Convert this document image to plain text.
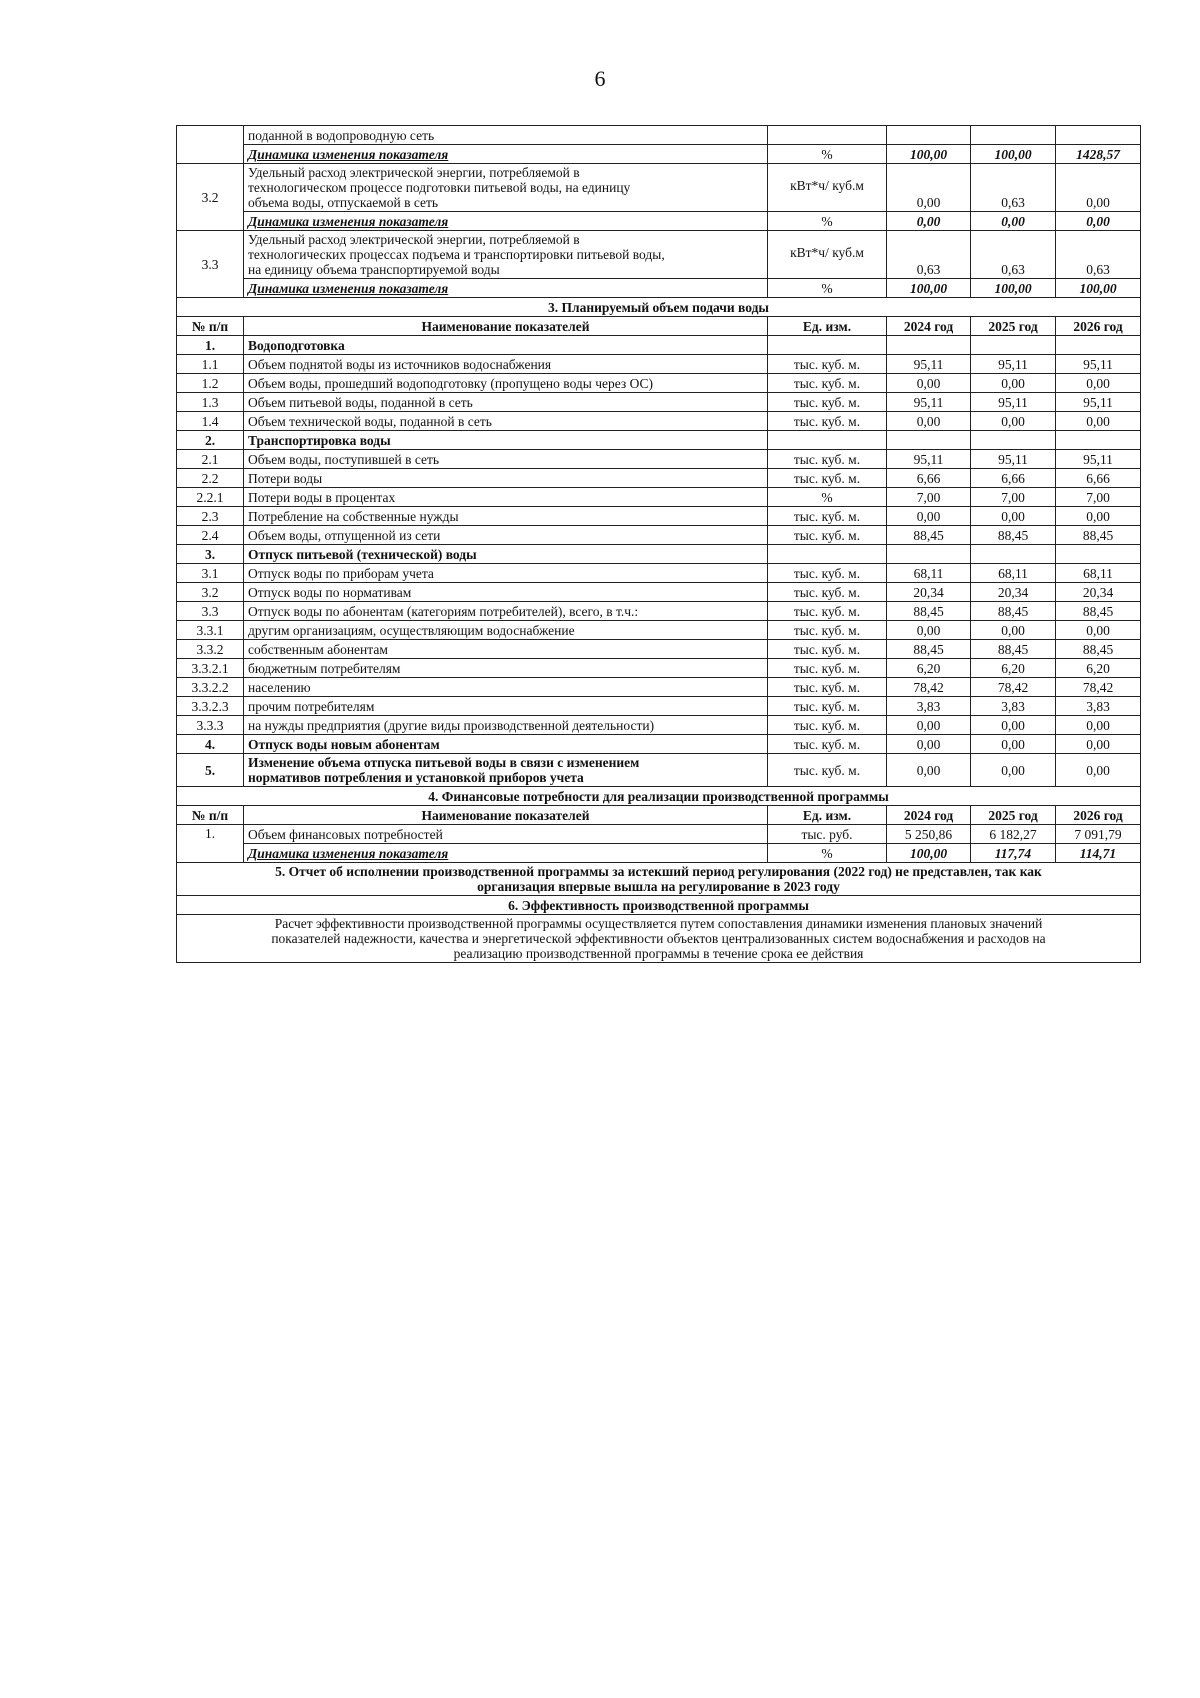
6
	поданной в водопроводную сеть				
	Динамика изменения показателя	%	100,00	100,00	1428,57
3.2	Удельный расход электрической энергии, потребляемой в
технологическом процессе подготовки питьевой воды, на единицу
объема воды, отпускаемой в сеть	кВт*ч/ куб.м	0,00	0,63	0,00
	Динамика изменения показателя	%	0,00	0,00	0,00
3.3	Удельный расход электрической энергии, потребляемой в
технологических процессах подъема и транспортировки питьевой воды,
на единицу объема транспортируемой воды	кВт*ч/ куб.м	0,63	0,63	0,63
	Динамика изменения показателя	%	100,00	100,00	100,00
3. Планируемый объем подачи воды					
№ п/п	Наименование показателей	Ед. изм.	2024 год	2025 год	2026 год
1.	Водоподготовка				
1.1	Объем поднятой воды из источников водоснабжения	тыс. куб. м.	95,11	95,11	95,11
1.2	Объем воды, прошедший водоподготовку (пропущено воды через ОС)	тыс. куб. м.	0,00	0,00	0,00
1.3	Объем питьевой воды, поданной в сеть	тыс. куб. м.	95,11	95,11	95,11
1.4	Объем технической воды, поданной в сеть	тыс. куб. м.	0,00	0,00	0,00
2.	Транспортировка воды				
2.1	Объем воды, поступившей в сеть	тыс. куб. м.	95,11	95,11	95,11
2.2	Потери воды	тыс. куб. м.	6,66	6,66	6,66
2.2.1	Потери воды в процентах	%	7,00	7,00	7,00
2.3	Потребление на собственные нужды	тыс. куб. м.	0,00	0,00	0,00
2.4	Объем воды, отпущенной из сети	тыс. куб. м.	88,45	88,45	88,45
3.	Отпуск питьевой (технической) воды				
3.1	Отпуск воды по приборам учета	тыс. куб. м.	68,11	68,11	68,11
3.2	Отпуск воды по нормативам	тыс. куб. м.	20,34	20,34	20,34
3.3	Отпуск воды по абонентам (категориям потребителей), всего, в т.ч.:	тыс. куб. м.	88,45	88,45	88,45
3.3.1	другим организациям, осуществляющим водоснабжение	тыс. куб. м.	0,00	0,00	0,00
3.3.2	собственным абонентам	тыс. куб. м.	88,45	88,45	88,45
3.3.2.1	бюджетным потребителям	тыс. куб. м.	6,20	6,20	6,20
3.3.2.2	населению	тыс. куб. м.	78,42	78,42	78,42
3.3.2.3	прочим потребителям	тыс. куб. м.	3,83	3,83	3,83
3.3.3	на нужды предприятия (другие виды производственной деятельности)	тыс. куб. м.	0,00	0,00	0,00
4.	Отпуск воды новым абонентам	тыс. куб. м.	0,00	0,00	0,00
5.	Изменение объема отпуска питьевой воды в связи с изменением
нормативов потребления и установкой приборов учета	тыс. куб. м.	0,00	0,00	0,00
4. Финансовые потребности для реализации производственной программы					
№ п/п	Наименование показателей	Ед. изм.	2024 год	2025 год	2026 год
1.	Объем финансовых потребностей	тыс. руб.	5 250,86	6 182,27	7 091,79
	Динамика изменения показателя	%	100,00	117,74	114,71

5. Отчет об исполнении производственной программы за истекший период регулирования (2022 год) не представлен, так как
организация впервые вышла на регулирование в 2023 году					

6. Эффективность производственной программы					

Расчет эффективности производственной программы осуществляется путем сопоставления динамики изменения плановых значений
показателей надежности, качества и энергетической эффективности объектов централизованных систем водоснабжения и расходов на
реализацию производственной программы в течение срока ее действия					
